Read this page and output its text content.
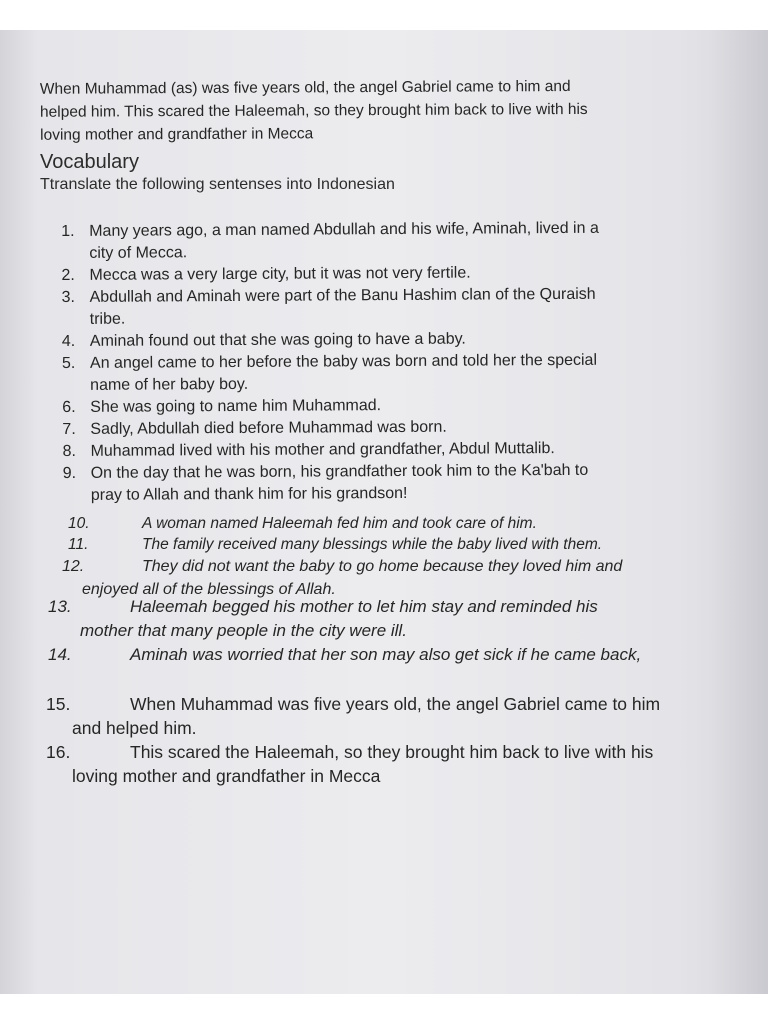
When Muhammad (as) was five years old, the angel Gabriel came to him and
helped him. This scared the Haleemah, so they brought him back to live with his
loving mother and grandfather in Mecca
Vocabulary
Ttranslate the following sentenses into Indonesian
1. Many years ago, a man named Abdullah and his wife, Aminah, lived in a
city of Mecca.
2. Mecca was a very large city, but it was not very fertile.
3. Abdullah and Aminah were part of the Banu Hashim clan of the Quraish
tribe.
4. Aminah found out that she was going to have a baby.
5. An angel came to her before the baby was born and told her the special
name of her baby boy.
6. She was going to name him Muhammad.
7. Sadly, Abdullah died before Muhammad was born.
8. Muhammad lived with his mother and grandfather, Abdul Muttalib.
9. On the day that he was born, his grandfather took him to the Ka'bah to
pray to Allah and thank him for his grandson!
10.	A woman named Haleemah fed him and took care of him.
11.	The family received many blessings while the baby lived with them.
12.	They did not want the baby to go home because they loved him and
enjoyed all of the blessings of Allah.
13.	Haleemah begged his mother to let him stay and reminded his
mother that many people in the city were ill.
14.	Aminah was worried that her son may also get sick if he came back,
15.	When Muhammad was five years old, the angel Gabriel came to him
and helped him.
16.	This scared the Haleemah, so they brought him back to live with his
loving mother and grandfather in Mecca
